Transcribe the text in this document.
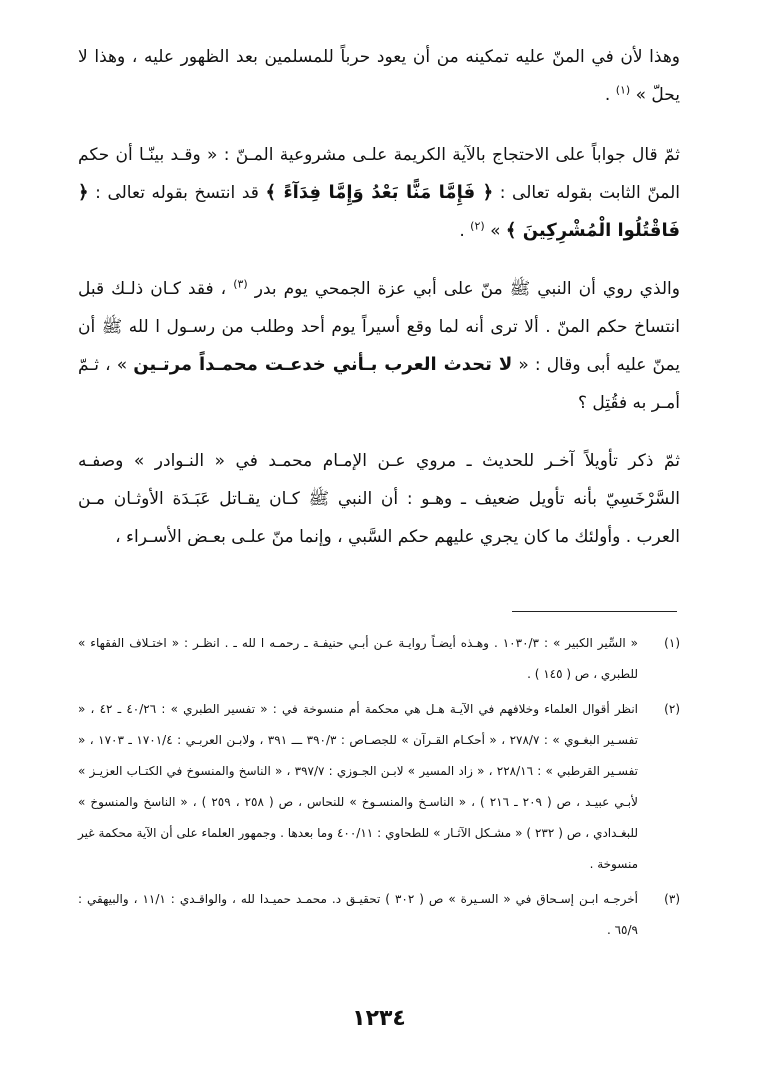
وهذا لأن في المنّ عليه تمكينه من أن يعود حرباً للمسلمين بعد الظهور عليه ، وهذا لا يحلّ » $^{(١)}$ .

ثمّ قال جواباً على الاحتجاج بالآية الكريمة علـى مشروعية المـنّ : « وقـد بينّـا أن حكم المنّ الثابت بقوله تعالى : ﴿ فَإِمَّا مَنًّا بَعْدُ وَإِمَّا فِدَآءً ﴾ قد انتسخ بقوله تعالى : ﴿ فَاقْتُلُوا الْمُشْرِكِينَ ﴾ » $^{(٢)}$ .

والذي روي أن النبي ﷺ منّ على أبي عزة الجمحي يوم بدر $^{(٣)}$ ، فقد كـان ذلـك قبل انتساخ حكم المنّ . ألا ترى أنه لما وقع أسيراً يوم أحد وطلب من رسـول ا لله ﷺ أن يمنّ عليه أبى وقال : « لا تحدث العرب بـأني خدعـت محمـداً مرتـين » ، ثـمّ أمـر به فقُتِل ؟

ثمّ ذكر تأويلاً آخـر للحديث ـ مروي عـن الإمـام محمـد في « النـوادر » وصفـه السَّرْخَسِيّ بأنه تأويل ضعيف ـ وهـو : أن النبي ﷺ كـان يقـاتل عَبَـدَة الأوثـان مـن العرب . وأولئك ما كان يجري عليهم حكم السَّبي ، وإنما منّ علـى بعـض الأسـراء ،

(١)
« السِّير الكبير » : ١٠٣٠/٣ . وهـذه أيضـاً روايـة عـن أبـي حنيفـة ـ رحمـه ا لله ـ . انظـر : « اختـلاف الفقهاء » للطبري ، ص ( ١٤٥ ) .
(٢)
انظر أقوال العلماء وخلافهم في الآيـة هـل هي محكمة أم منسوخة في : « تفسير الطبري » : ٤٠/٢٦ ـ ٤٢ ، « تفسـير البغـوي » : ٢٧٨/٧ ، « أحكـام القـرآن » للجصـاص : ٣٩٠/٣ ـــ ٣٩١ ، ولابـن العربـي : ١٧٠١/٤ ـ ١٧٠٣ ، « تفسـير القرطبي » : ٢٢٨/١٦ ، « زاد المسير » لابـن الجـوزي : ٣٩٧/٧ ، « الناسخ والمنسوخ في الكتـاب العزيـز » لأبـي عبيـد ، ص ( ٢٠٩ ـ ٢١٦ ) ، « الناسـخ والمنسـوخ » للنحاس ، ص ( ٢٥٨ ، ٢٥٩ ) ، « الناسخ والمنسوخ » للبغـدادي ، ص ( ٢٣٢ ) « مشـكل الآثـار » للطحاوي : ٤٠٠/١١ وما بعدها . وجمهور العلماء على أن الآية محكمة غير منسوخة .
(٣)
أخرجـه ابـن إسـحاق في « السـيرة » ص ( ٣٠٢ ) تحقيـق د. محمـد حميـدا لله ، والواقـدي : ١١/١ ، والبيهقي : ٦٥/٩ .
١٢٣٤
